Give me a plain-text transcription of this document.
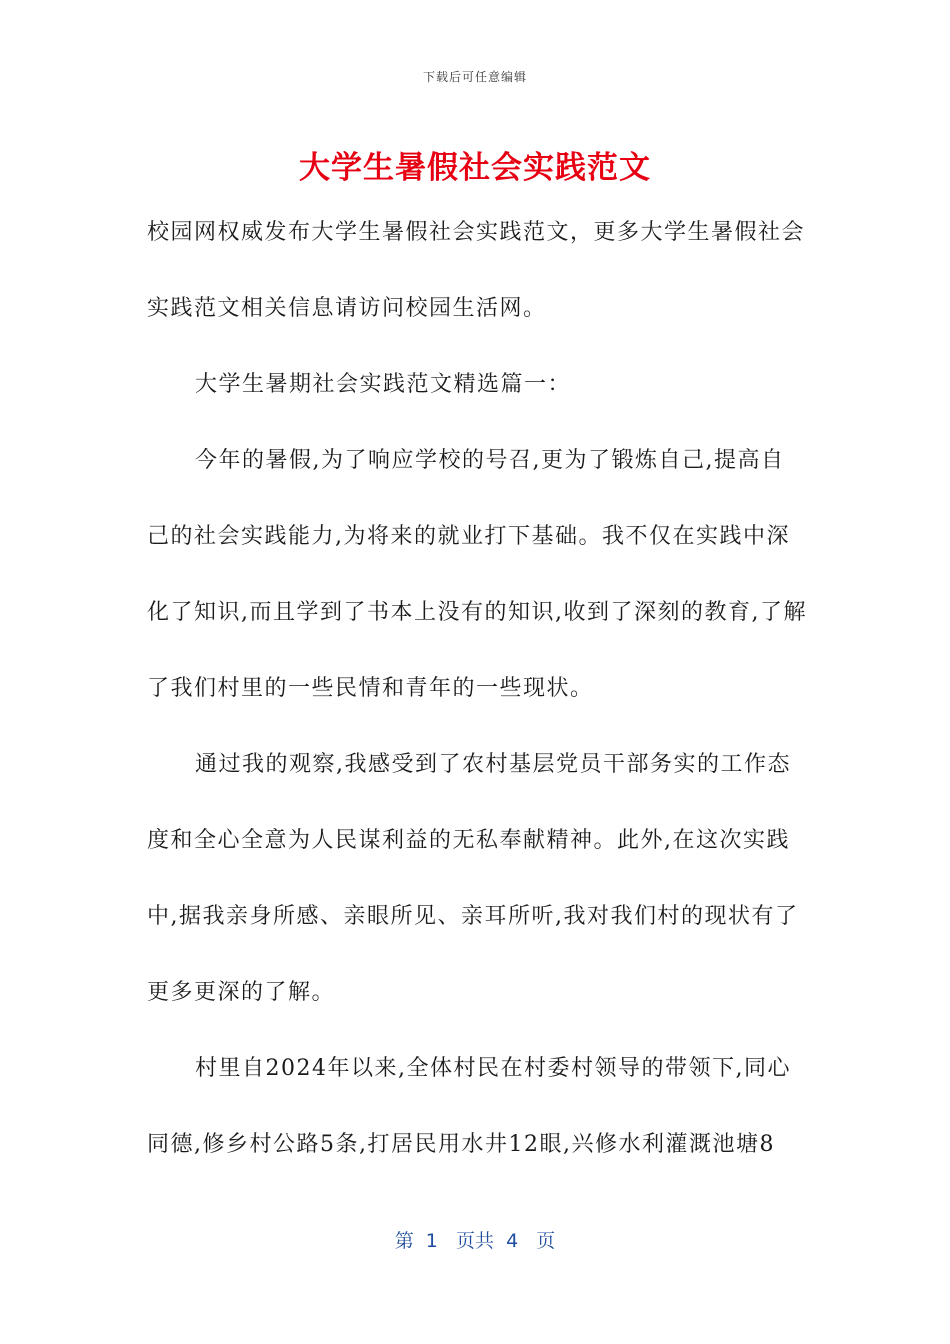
下载后可任意编辑
大学生暑假社会实践范文

校园网权威发布大学生暑假社会实践范文，更多大学生暑假社会实践范文相关信息请访问校园生活网。

大学生暑期社会实践范文精选篇一：

今年的暑假,为了响应学校的号召,更为了锻炼自己,提高自己的社会实践能力,为将来的就业打下基础。我不仅在实践中深化了知识,而且学到了书本上没有的知识,收到了深刻的教育,了解了我们村里的一些民情和青年的一些现状。

通过我的观察,我感受到了农村基层党员干部务实的工作态度和全心全意为人民谋利益的无私奉献精神。此外,在这次实践中,据我亲身所感、亲眼所见、亲耳所听,我对我们村的现状有了更多更深的了解。

村里自2024年以来,全体村民在村委村领导的带领下,同心同德,修乡村公路5条,打居民用水井12眼,兴修水利灌溉池塘8

第  1   页共  4   页
